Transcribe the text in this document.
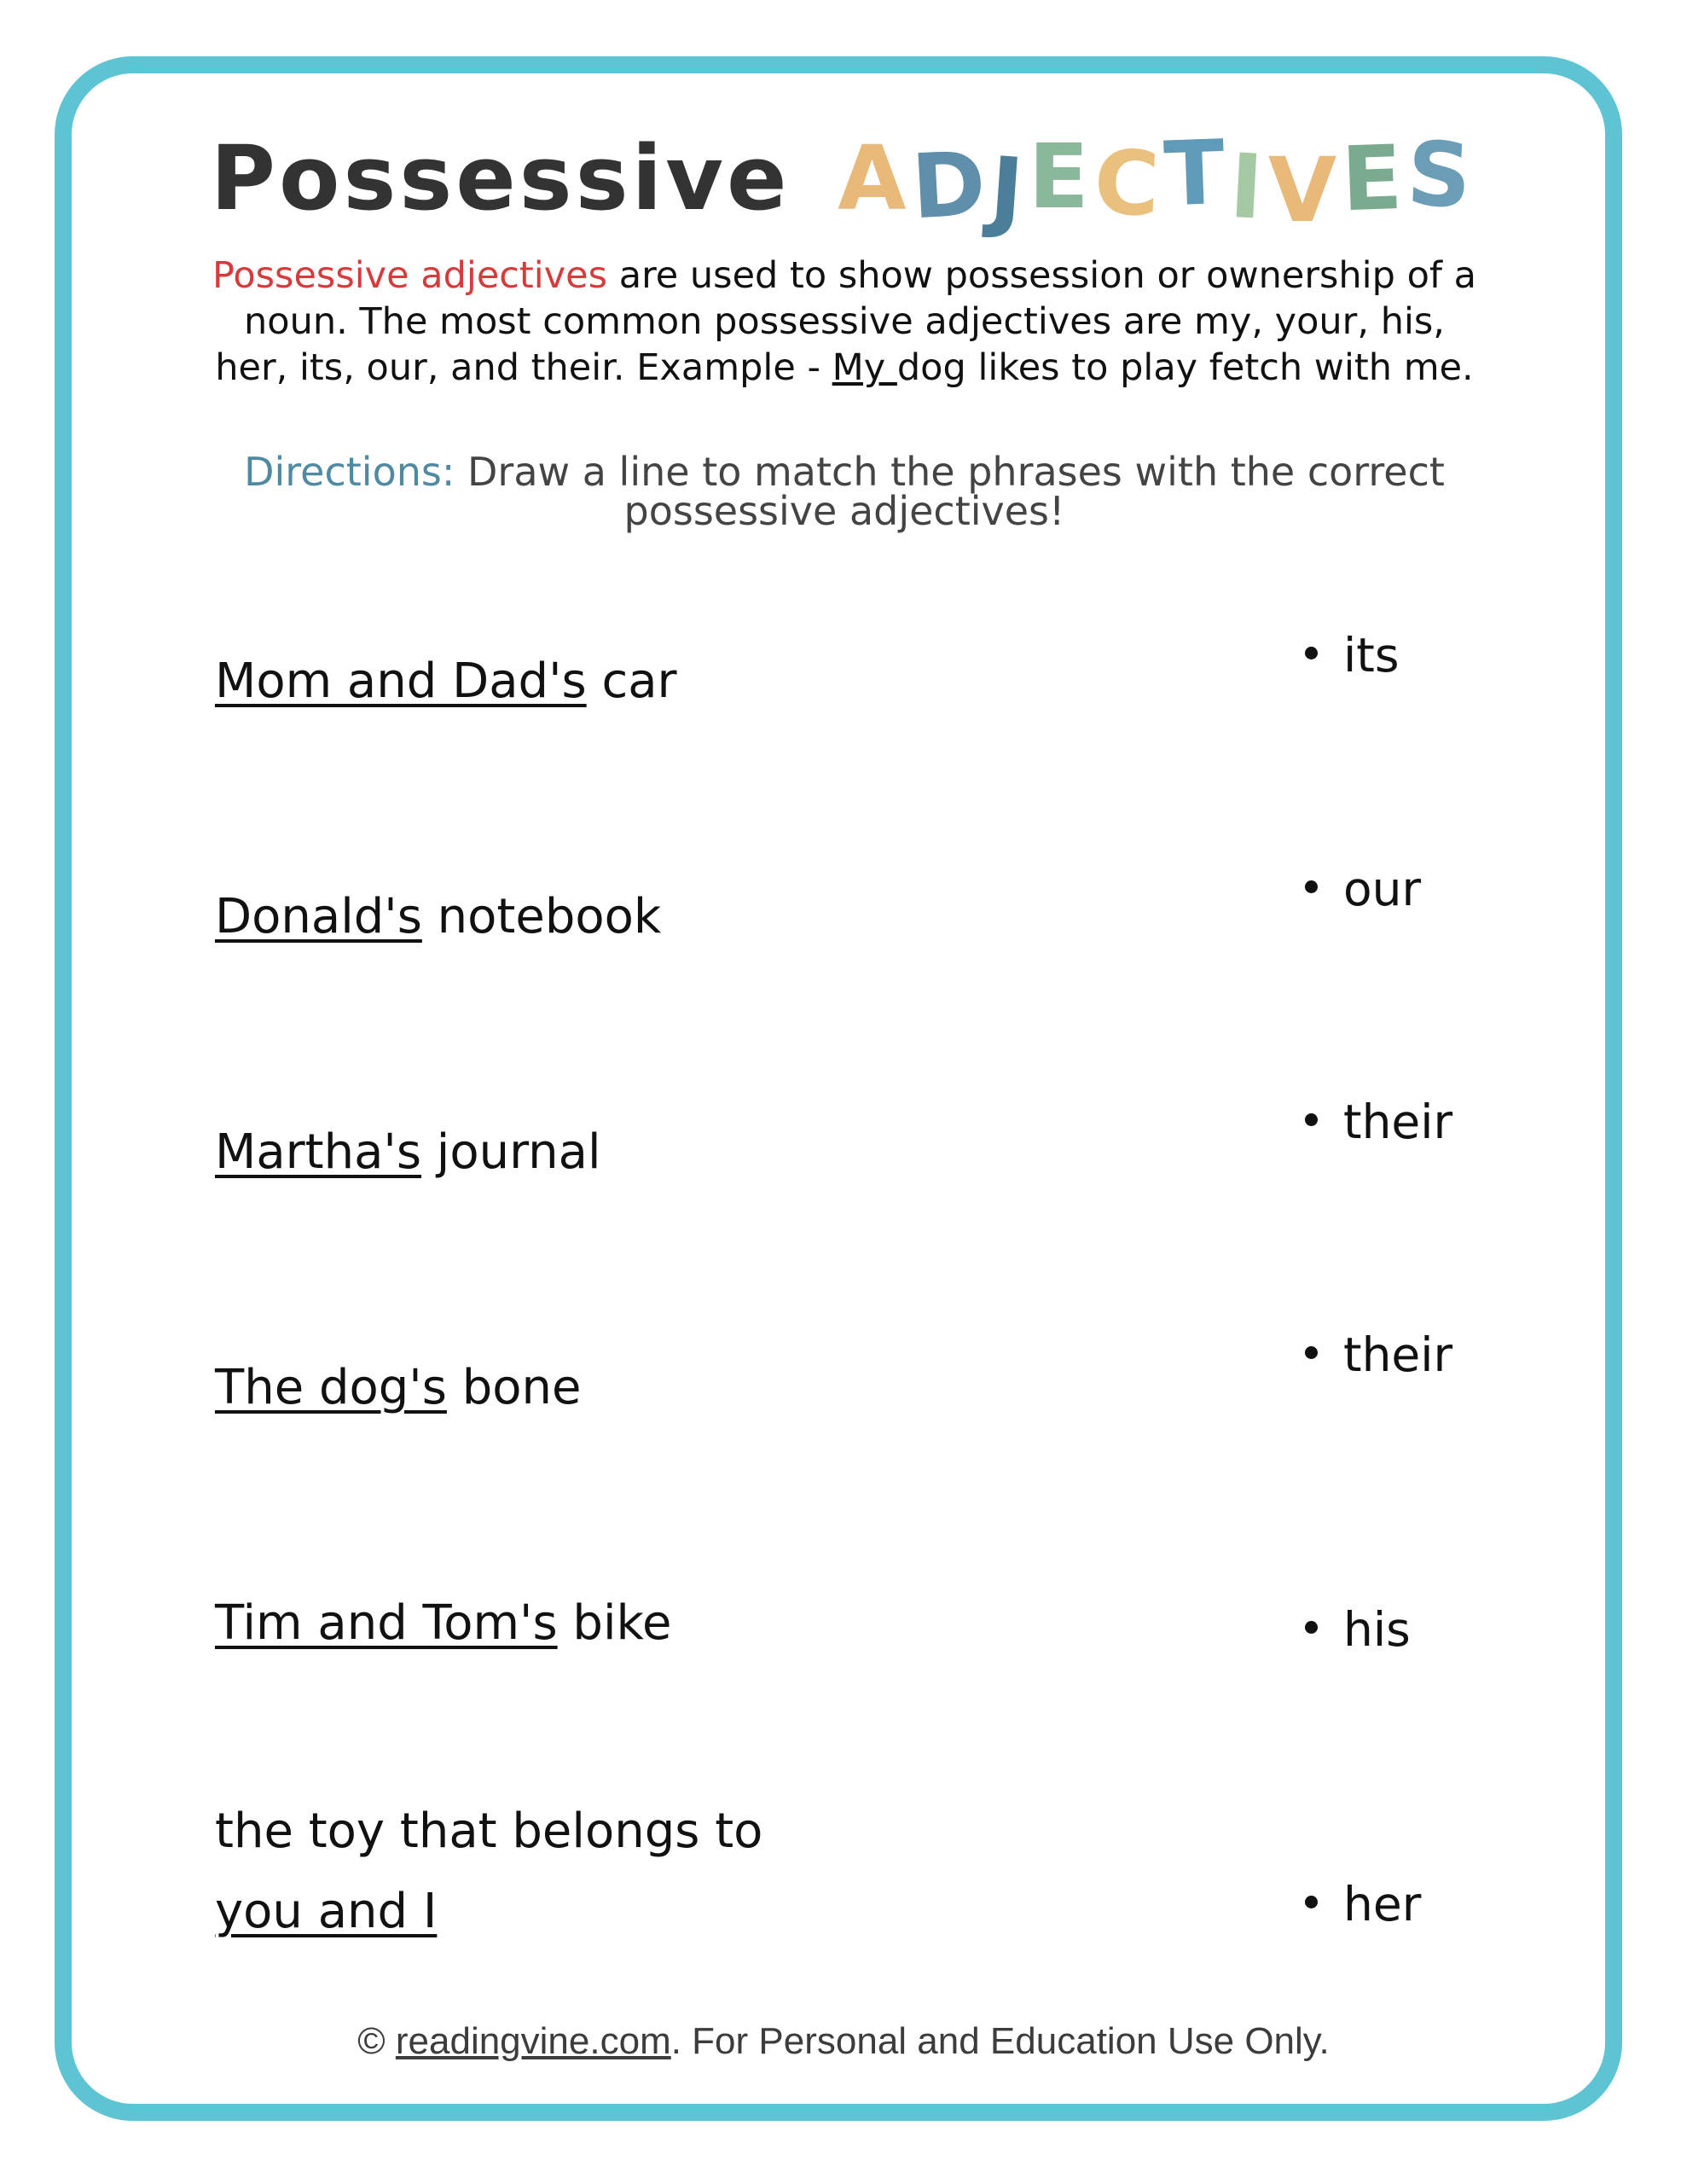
Possessive ADJECTIVES
Possessive adjectives are used to show possession or ownership of a noun. The most common possessive adjectives are my, your, his, her, its, our, and their. Example - My dog likes to play fetch with me.
Directions: Draw a line to match the phrases with the correct possessive adjectives!
Mom and Dad's car
Donald's notebook
Martha's journal
The dog's bone
Tim and Tom's bike
the toy that belongs to
you and I
its
our
their
their
his
her
© readingvine.com. For Personal and Education Use Only.
